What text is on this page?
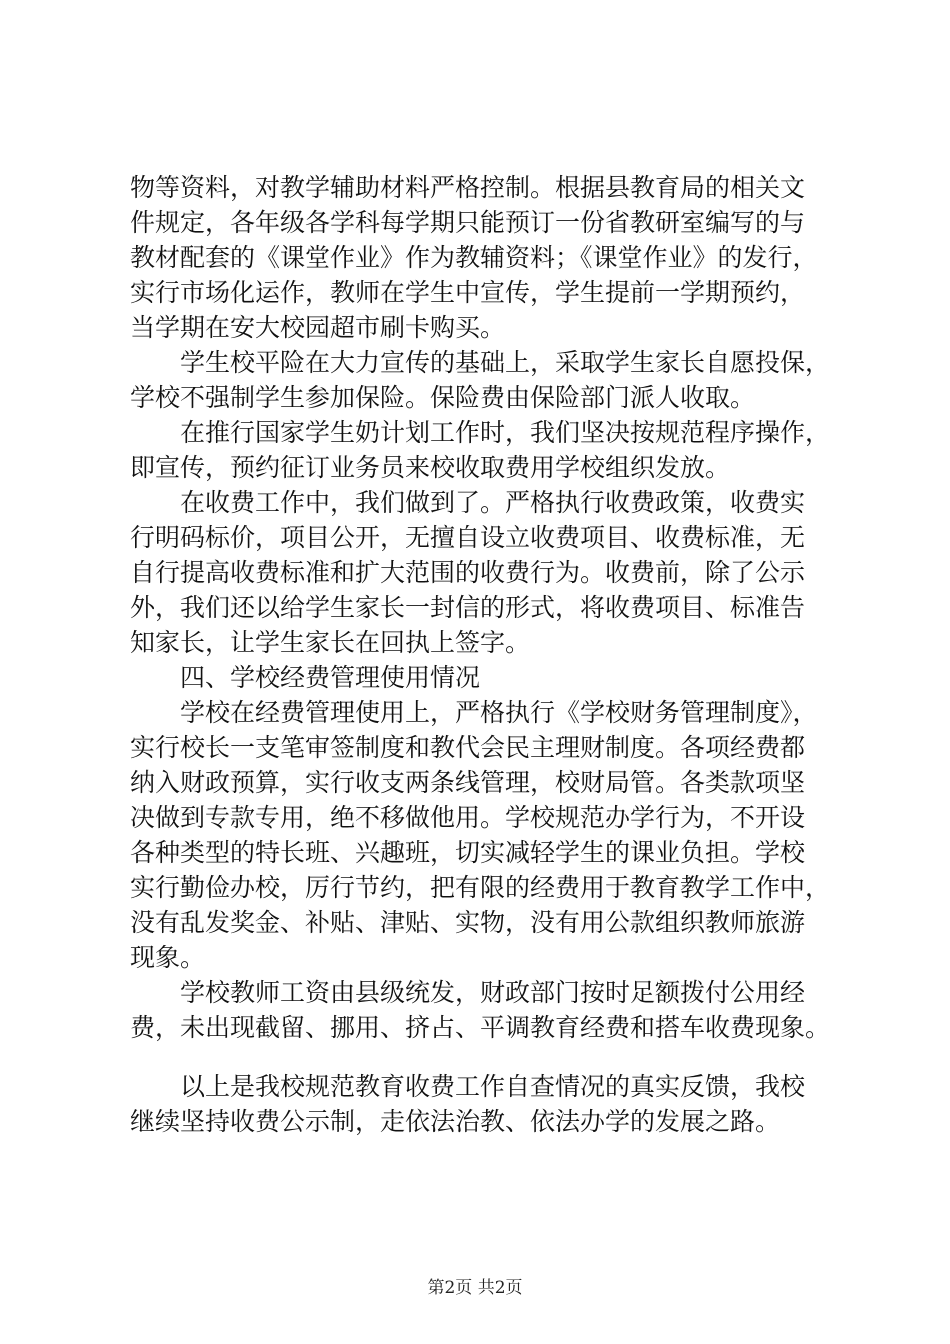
物等资料，对教学辅助材料严格控制。根据县教育局的相关文

件规定，各年级各学科每学期只能预订一份省教研室编写的与

教材配套的《课堂作业》作为教辅资料；《课堂作业》的发行，

实行市场化运作，教师在学生中宣传，学生提前一学期预约，

当学期在安大校园超市刷卡购买。

学生校平险在大力宣传的基础上，采取学生家长自愿投保，

学校不强制学生参加保险。保险费由保险部门派人收取。

在推行国家学生奶计划工作时，我们坚决按规范程序操作，

即宣传，预约征订业务员来校收取费用学校组织发放。

在收费工作中，我们做到了。严格执行收费政策，收费实

行明码标价，项目公开，无擅自设立收费项目、收费标准，无

自行提高收费标准和扩大范围的收费行为。收费前，除了公示

外，我们还以给学生家长一封信的形式，将收费项目、标准告

知家长，让学生家长在回执上签字。

四、学校经费管理使用情况

学校在经费管理使用上，严格执行《学校财务管理制度》，

实行校长一支笔审签制度和教代会民主理财制度。各项经费都

纳入财政预算，实行收支两条线管理，校财局管。各类款项坚

决做到专款专用，绝不移做他用。学校规范办学行为，不开设

各种类型的特长班、兴趣班，切实减轻学生的课业负担。学校

实行勤俭办校，厉行节约，把有限的经费用于教育教学工作中，

没有乱发奖金、补贴、津贴、实物，没有用公款组织教师旅游

现象。

学校教师工资由县级统发，财政部门按时足额拨付公用经

费，未出现截留、挪用、挤占、平调教育经费和搭车收费现象。

以上是我校规范教育收费工作自查情况的真实反馈，我校

继续坚持收费公示制，走依法治教、依法办学的发展之路。

第2页 共2页
